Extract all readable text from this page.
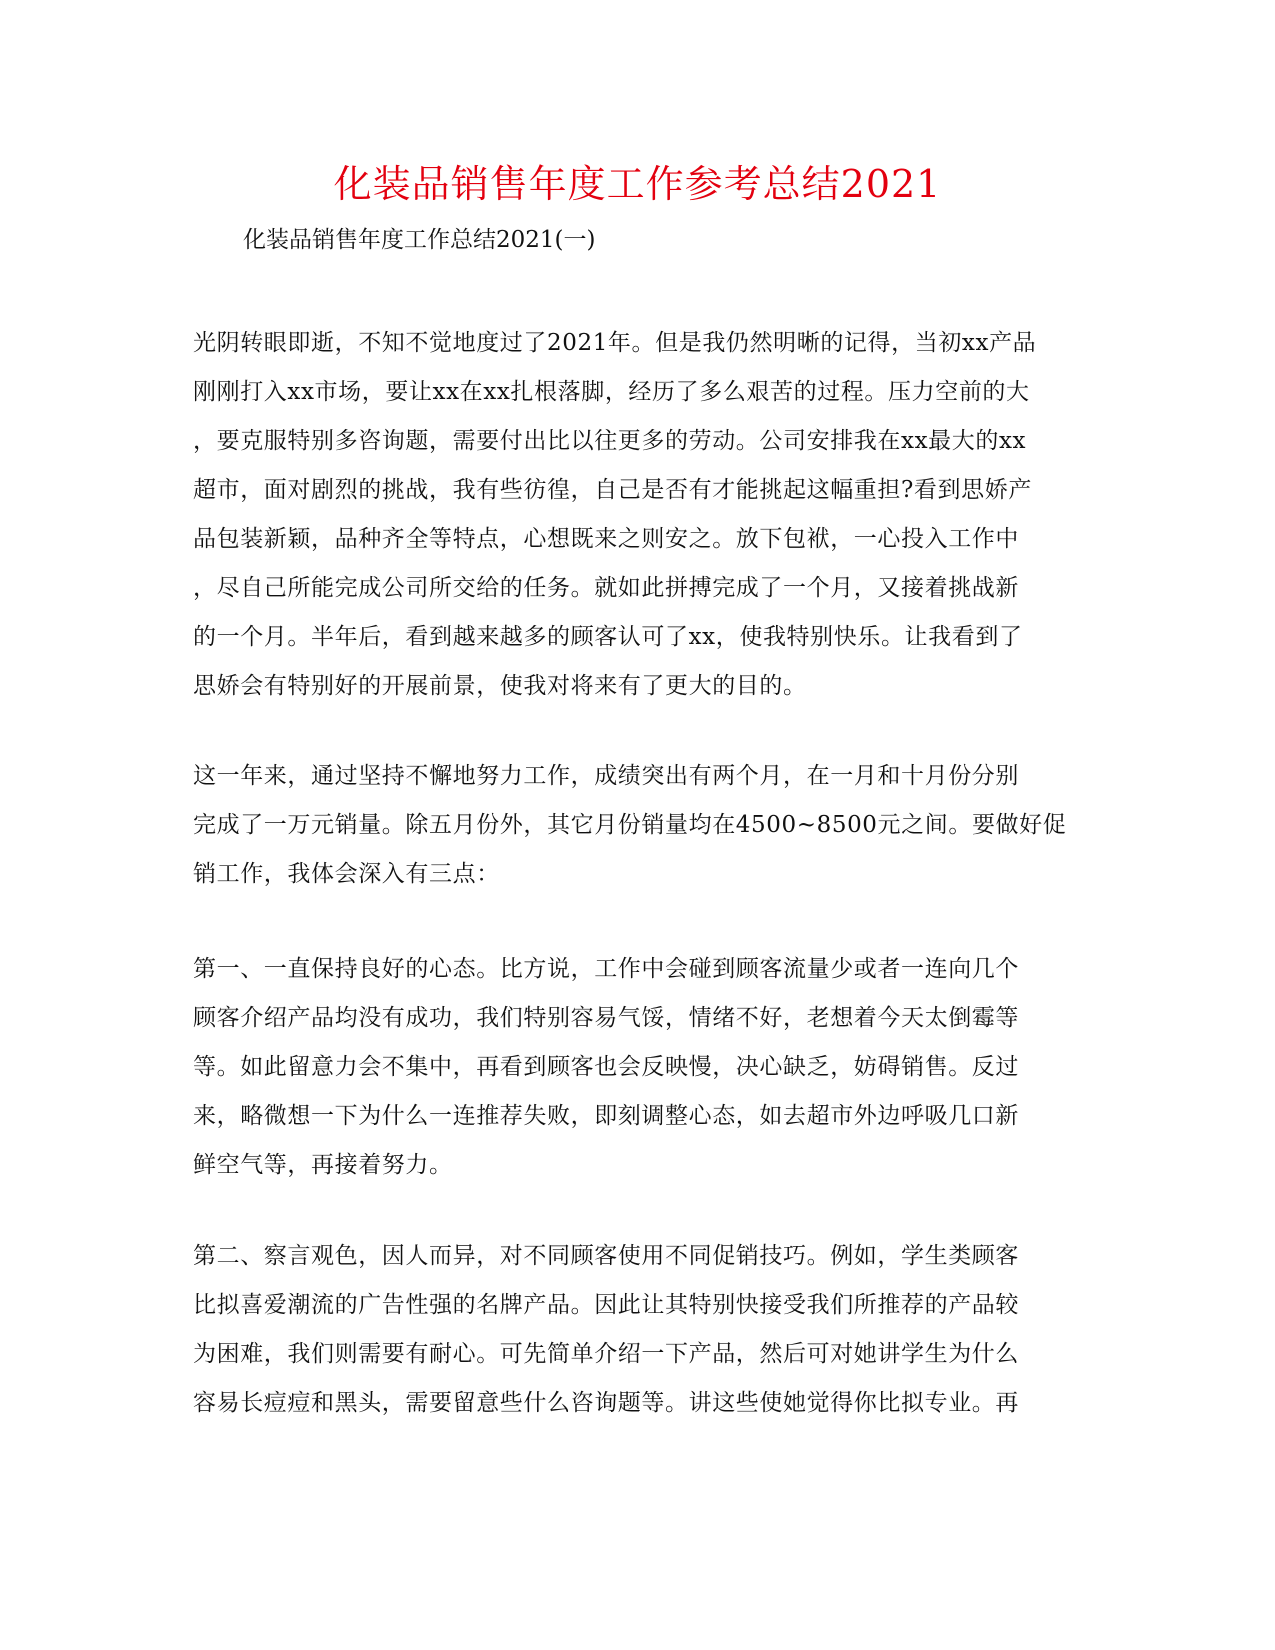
化装品销售年度工作参考总结2021
化装品销售年度工作总结2021(一)
光阴转眼即逝，不知不觉地度过了2021年。但是我仍然明晰的记得，当初xx产品
刚刚打入xx市场，要让xx在xx扎根落脚，经历了多么艰苦的过程。压力空前的大
，要克服特别多咨询题，需要付出比以往更多的劳动。公司安排我在xx最大的xx
超市，面对剧烈的挑战，我有些彷徨，自己是否有才能挑起这幅重担?看到思娇产
品包装新颖，品种齐全等特点，心想既来之则安之。放下包袱，一心投入工作中
，尽自己所能完成公司所交给的任务。就如此拼搏完成了一个月，又接着挑战新
的一个月。半年后，看到越来越多的顾客认可了xx，使我特别快乐。让我看到了
思娇会有特别好的开展前景，使我对将来有了更大的目的。
这一年来，通过坚持不懈地努力工作，成绩突出有两个月，在一月和十月份分别
完成了一万元销量。除五月份外，其它月份销量均在4500~8500元之间。要做好促
销工作，我体会深入有三点：
第一、一直保持良好的心态。比方说，工作中会碰到顾客流量少或者一连向几个
顾客介绍产品均没有成功，我们特别容易气馁，情绪不好，老想着今天太倒霉等
等。如此留意力会不集中，再看到顾客也会反映慢，决心缺乏，妨碍销售。反过
来，略微想一下为什么一连推荐失败，即刻调整心态，如去超市外边呼吸几口新
鲜空气等，再接着努力。
第二、察言观色，因人而异，对不同顾客使用不同促销技巧。例如，学生类顾客
比拟喜爱潮流的广告性强的名牌产品。因此让其特别快接受我们所推荐的产品较
为困难，我们则需要有耐心。可先简单介绍一下产品，然后可对她讲学生为什么
容易长痘痘和黑头，需要留意些什么咨询题等。讲这些使她觉得你比拟专业。再
